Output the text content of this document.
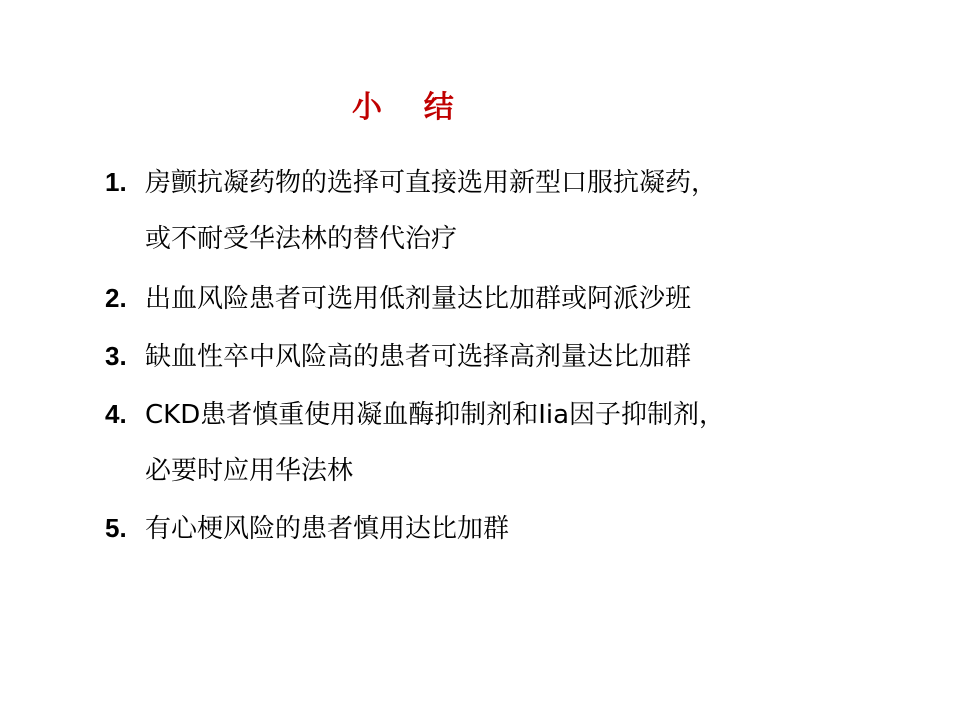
小    结
1. 房颤抗凝药物的选择可直接选用新型口服抗凝药，
或不耐受华法林的替代治疗
2. 出血风险患者可选用低剂量达比加群或阿派沙班
3. 缺血性卒中风险高的患者可选择高剂量达比加群
4. CKD患者慎重使用凝血酶抑制剂和Iia因子抑制剂，
必要时应用华法林
5. 有心梗风险的患者慎用达比加群
